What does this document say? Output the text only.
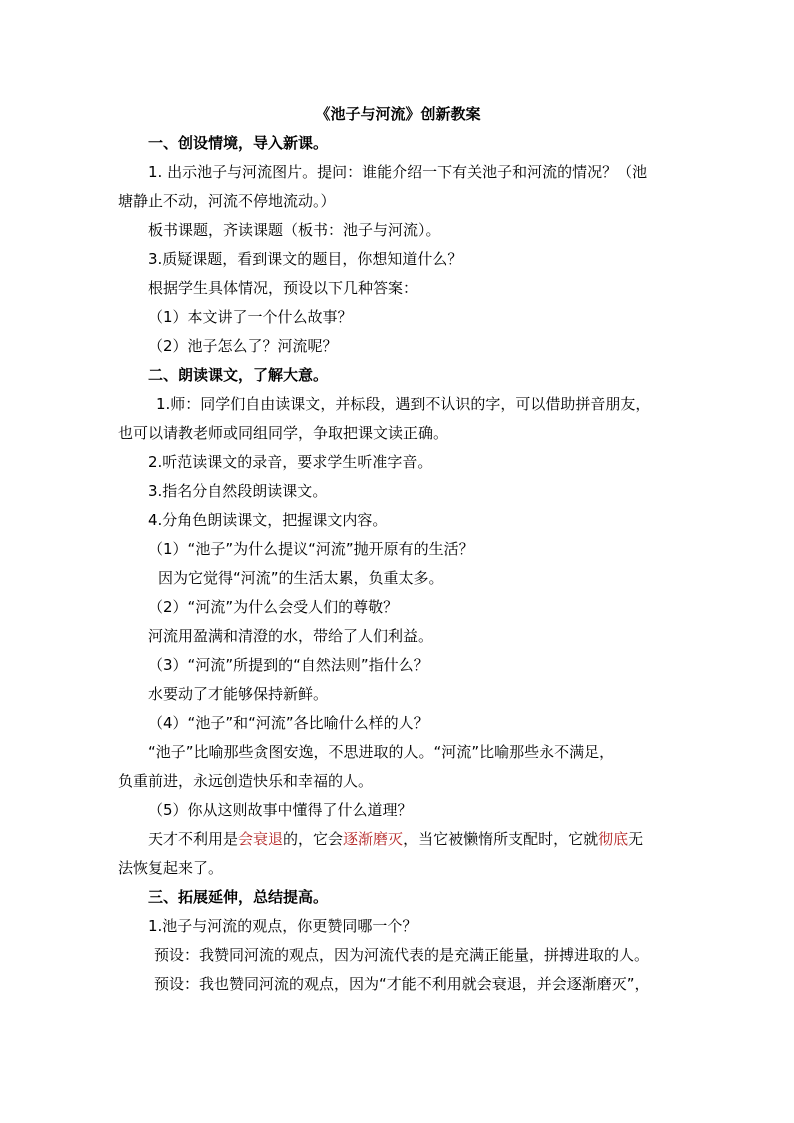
《池子与河流》创新教案

一、创设情境，导入新课。

1. 出示池子与河流图片。提问：谁能介绍一下有关池子和河流的情况？（池

塘静止不动，河流不停地流动。）

板书课题，齐读课题（板书：池子与河流）。

3.质疑课题，看到课文的题目，你想知道什么？

根据学生具体情况，预设以下几种答案：

（1）本文讲了一个什么故事？

（2）池子怎么了？河流呢？

二、朗读课文，了解大意。

1.师：同学们自由读课文，并标段，遇到不认识的字，可以借助拼音朋友，

也可以请教老师或同组同学，争取把课文读正确。

2.听范读课文的录音，要求学生听准字音。

3.指名分自然段朗读课文。

4.分角色朗读课文，把握课文内容。

（1）“池子”为什么提议“河流”抛开原有的生活？

因为它觉得“河流”的生活太累，负重太多。

（2）“河流”为什么会受人们的尊敬？

河流用盈满和清澄的水，带给了人们利益。

（3）“河流”所提到的“自然法则”指什么？

水要动了才能够保持新鲜。

（4）“池子”和“河流”各比喻什么样的人？

“池子”比喻那些贪图安逸，不思进取的人。“河流”比喻那些永不满足，

负重前进，永远创造快乐和幸福的人。

（5）你从这则故事中懂得了什么道理？

天才不利用是会衰退的，它会逐渐磨灭，当它被懒惰所支配时，它就彻底无

法恢复起来了。

三、拓展延伸，总结提高。

1.池子与河流的观点，你更赞同哪一个？

预设：我赞同河流的观点，因为河流代表的是充满正能量，拼搏进取的人。

预设：我也赞同河流的观点，因为“才能不利用就会衰退，并会逐渐磨灭”，
